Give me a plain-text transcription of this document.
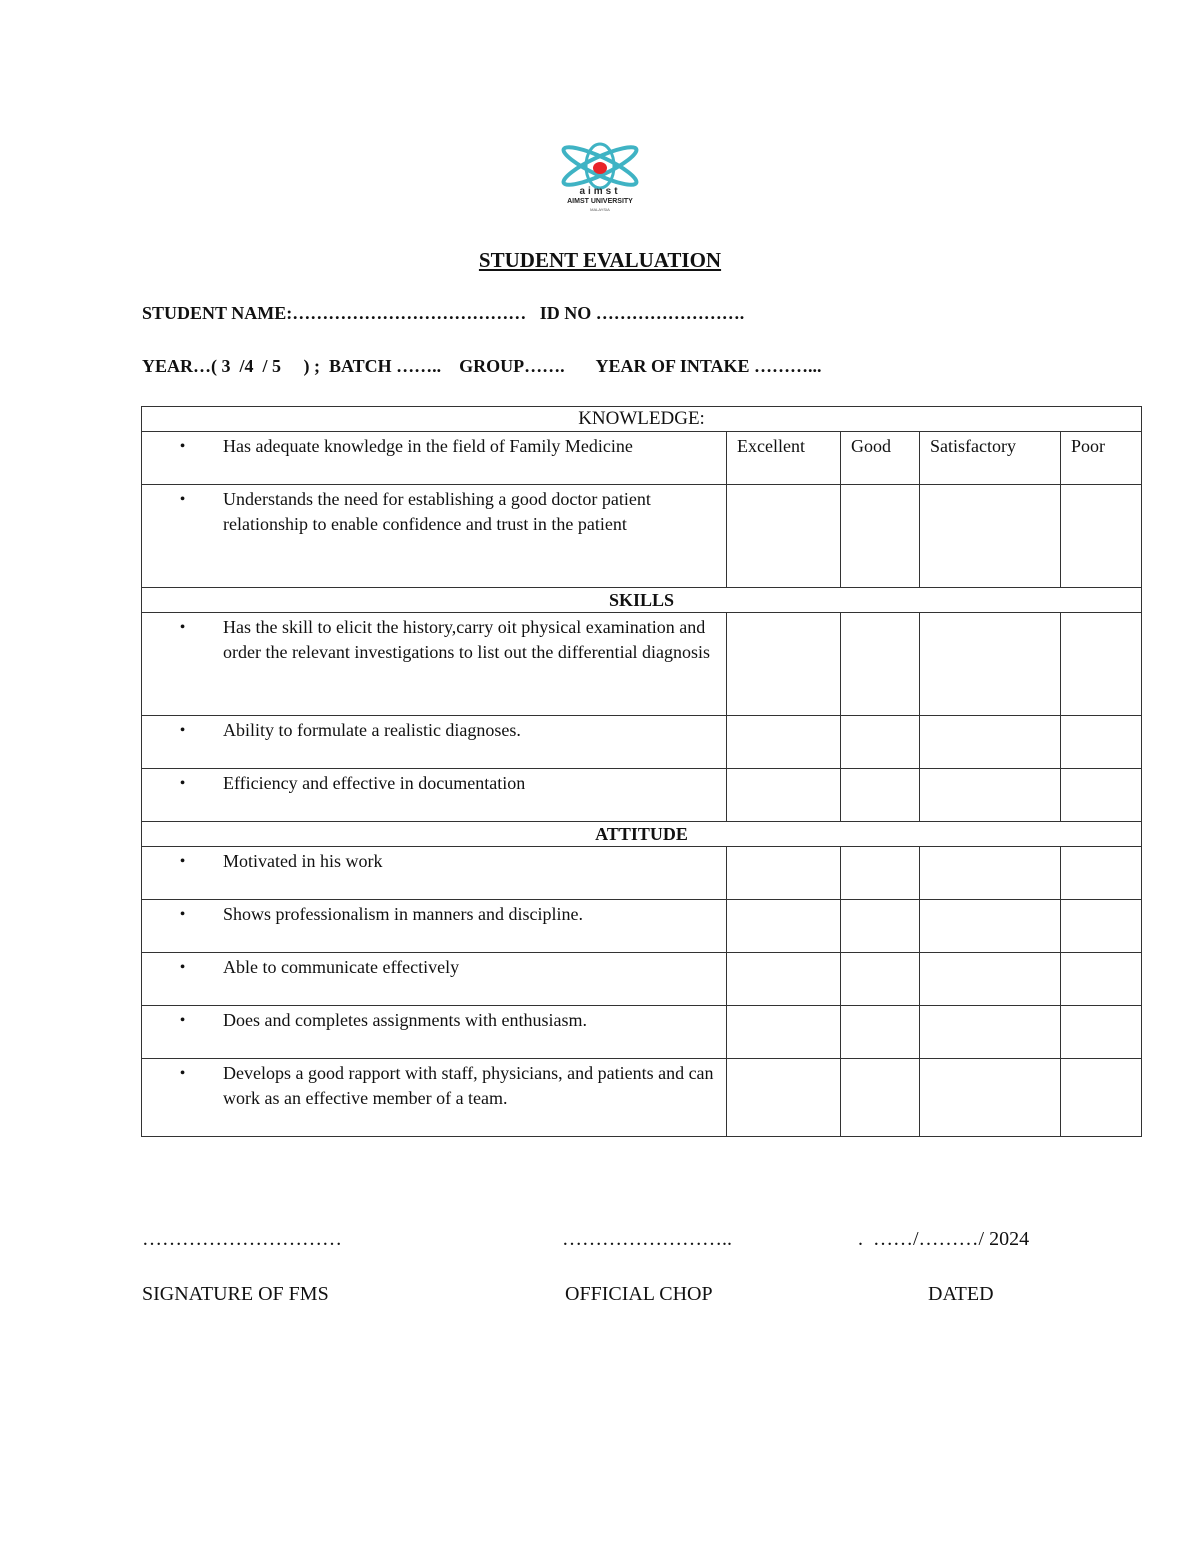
aimst
AIMST UNIVERSITY
MALAYSIA
STUDENT EVALUATION
STUDENT NAME:…………………………………   ID NO …………………….
YEAR…( 3  /4  / 5     ) ;  BATCH ……..    GROUP…….       YEAR OF INTAKE ………...
KNOWLEDGE:				

• Has adequate knowledge in the field of Family Medicine	Excellent	Good	Satisfactory	Poor

• Understands the need for establishing a good doctor patient relationship to enable confidence and trust in the patient				

SKILLS				

• Has the skill to elicit the history,carry oit physical examination and order the relevant investigations to list out the differential diagnosis				

• Ability to formulate a realistic diagnoses.				

• Efficiency and effective in documentation				

ATTITUDE				

• Motivated in his work				

• Shows professionalism in manners and discipline.				

• Able to communicate effectively				

• Does and completes assignments with enthusiasm.				

• Develops a good rapport with staff, physicians, and patients and can work as an effective member of a team.				

…………………………	……………………..	.  ……/………/ 2024
SIGNATURE OF FMS	OFFICIAL CHOP	DATED
